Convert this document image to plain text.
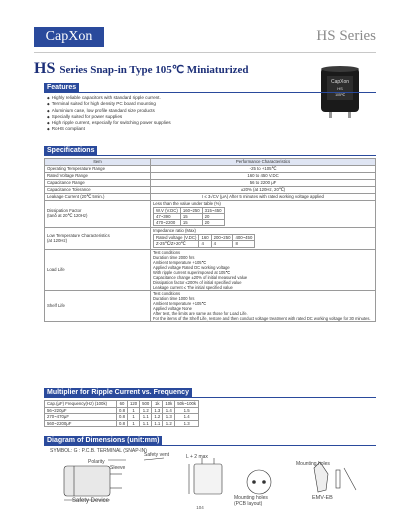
CapXon	HS Series
HS Series Snap-in Type 105℃ Miniaturized
CapXon
HS
105℃
Features
◆ Highly reliable capacitors with standard ripple current.
◆ Terminal suited for high density PC board mounting
◆ Aluminium case, low profile standard size products
◆ Specially suited for power supplies
◆ High ripple current, especially for switching power supplies
◆ RoHS compliant
Specifications
Item	Performance Characteristics
Operating Temperature Range	-25 to +105℃
Rated Voltage Range	160 to 450 V.DC
Capacitance Range	56 to 2200 μF
Capacitance Tolerance	±20% (at 120Hz, 20℃)
Leakage Current (20℃ 5min.)	I ≤ 3√CV (μA) After 5 minutes with rated working voltage applied
Dissipation Factor
(tanδ at 20℃ 120Hz)	
Less than the value under table (%)
W.V (V.DC)	160~250	315~450
47~390	15	20
470~2200	15	20

Low Temperature Characteristics
(at 120Hz)	
Impedance ratio (Max)
Rated voltage (V.DC)	160	200~250	400~450
Z-25℃/Z+20℃	4	4	8

Load Life	Test conditions
Duration time 2000 hrs
Ambient temperature +105℃
Applied voltage Rated DC working voltage
With ripple current superimposed at 105℃
Capacitance change ±20% of initial measured value
Dissipation factor ≤200% of initial specified value
Leakage current ≤ The initial specified value
Shelf Life	Test conditions
Duration time 1000 hrs
Ambient temperature +105℃
Applied voltage None
After test, the limits are same as those for Load Life.
For the items of the Shelf Life, restore and then conduct voltage treatment with rated DC working voltage for 30 minutes.
Multiplier for Ripple Current vs. Frequency
Cap.(μF) Frequency(Hz) (100k)	60	120	500	1k	10k	50k~100k
56~220μF	0.8	1	1.2	1.3	1.4	1.5
270~470μF	0.8	1	1.1	1.2	1.3	1.4
560~2200μF	0.8	1	1.1	1.1	1.2	1.3
Diagram of Dimensions (unit:mm)
SYMBOL: G : P.C.B. TERMINAL (SNAP-IN)
Polarity
Sleeve
Safety vent	L + 2 max
Mounting holes
(PCB layout)
Safety Device
Mounting holes
EMV-EB
104
